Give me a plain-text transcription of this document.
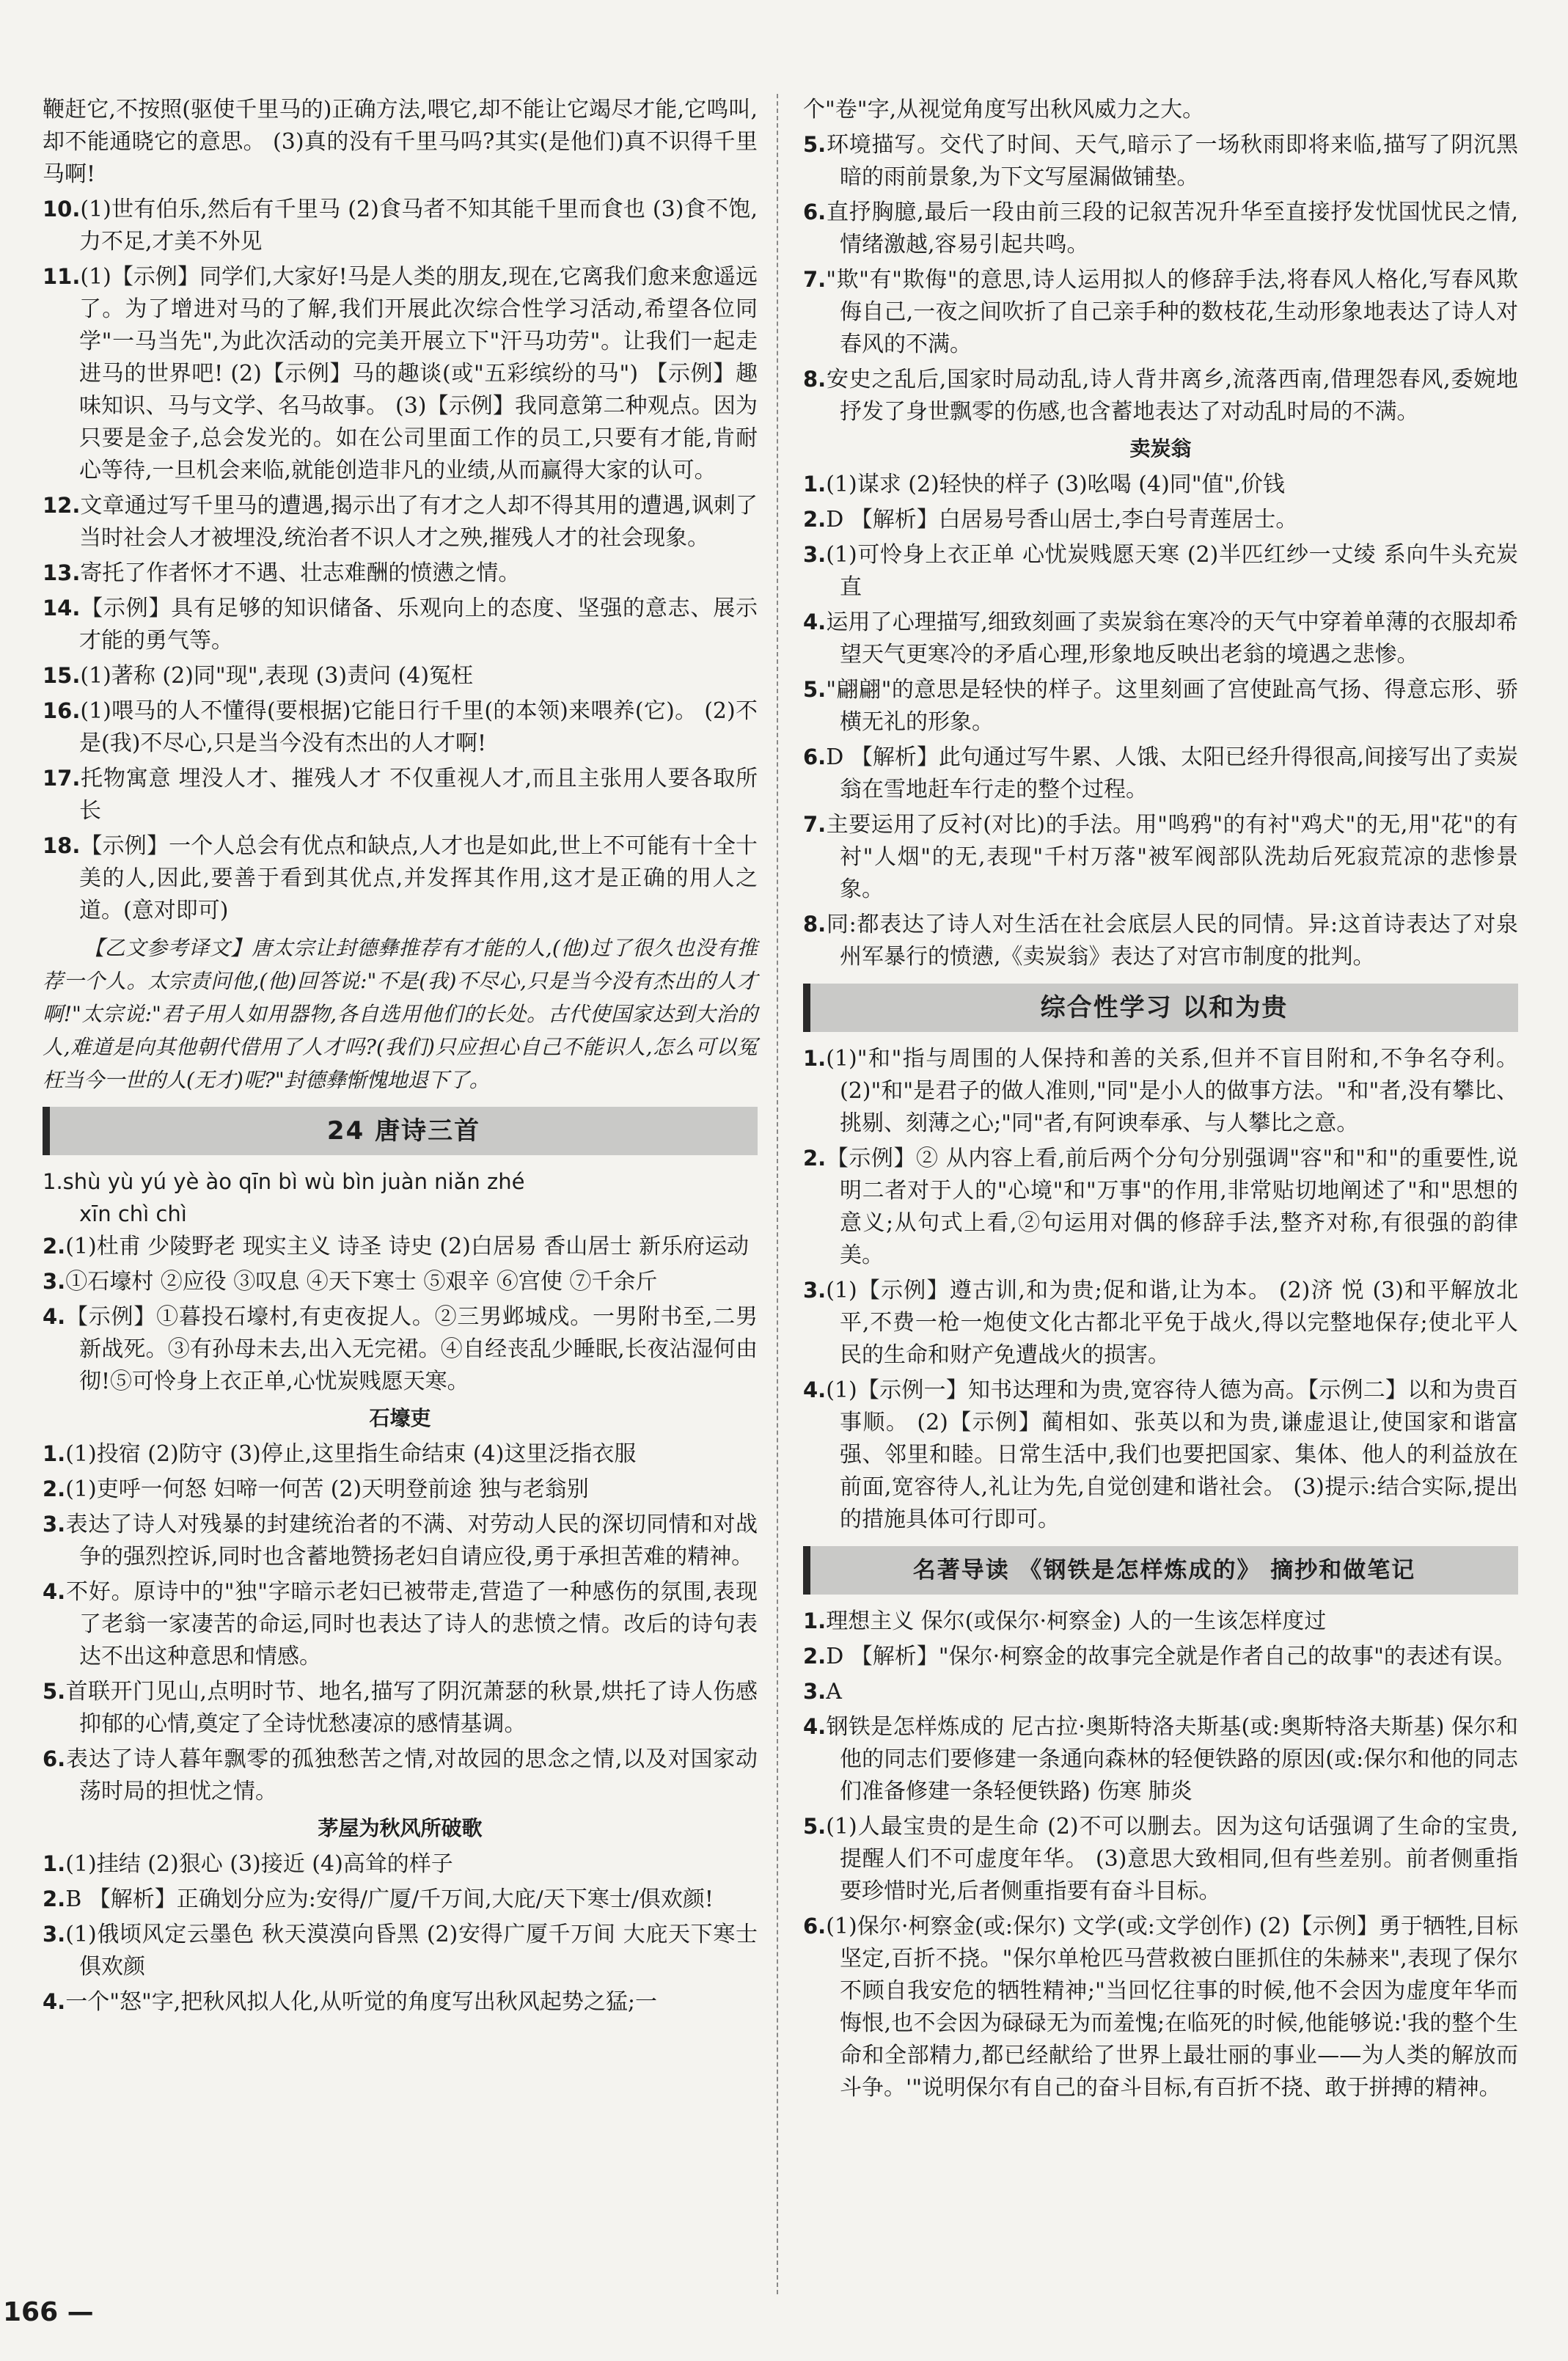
鞭赶它,不按照(驱使千里马的)正确方法,喂它,却不能让它竭尽才能,它鸣叫,却不能通晓它的意思。 (3)真的没有千里马吗?其实(是他们)真不识得千里马啊!
10.(1)世有伯乐,然后有千里马 (2)食马者不知其能千里而食也 (3)食不饱,力不足,才美不外见
11.(1)【示例】同学们,大家好!马是人类的朋友,现在,它离我们愈来愈遥远了。为了增进对马的了解,我们开展此次综合性学习活动,希望各位同学"一马当先",为此次活动的完美开展立下"汗马功劳"。让我们一起走进马的世界吧! (2)【示例】马的趣谈(或"五彩缤纷的马") 【示例】趣味知识、马与文学、名马故事。 (3)【示例】我同意第二种观点。因为只要是金子,总会发光的。如在公司里面工作的员工,只要有才能,肯耐心等待,一旦机会来临,就能创造非凡的业绩,从而赢得大家的认可。
12.文章通过写千里马的遭遇,揭示出了有才之人却不得其用的遭遇,讽刺了当时社会人才被埋没,统治者不识人才之殃,摧残人才的社会现象。
13.寄托了作者怀才不遇、壮志难酬的愤懑之情。
14.【示例】具有足够的知识储备、乐观向上的态度、坚强的意志、展示才能的勇气等。
15.(1)著称 (2)同"现",表现 (3)责问 (4)冤枉
16.(1)喂马的人不懂得(要根据)它能日行千里(的本领)来喂养(它)。 (2)不是(我)不尽心,只是当今没有杰出的人才啊!
17.托物寓意 埋没人才、摧残人才 不仅重视人才,而且主张用人要各取所长
18.【示例】一个人总会有优点和缺点,人才也是如此,世上不可能有十全十美的人,因此,要善于看到其优点,并发挥其作用,这才是正确的用人之道。(意对即可)
【乙文参考译文】唐太宗让封德彝推荐有才能的人,(他)过了很久也没有推荐一个人。太宗责问他,(他)回答说:"不是(我)不尽心,只是当今没有杰出的人才啊!"太宗说:"君子用人如用器物,各自选用他们的长处。古代使国家达到大治的人,难道是向其他朝代借用了人才吗?(我们)只应担心自己不能识人,怎么可以冤枉当今一世的人(无才)呢?"封德彝惭愧地退下了。
24 唐诗三首
1.shù yù yú yè ào qīn bì wù bìn juàn niǎn zhé
xīn chì chì
2.(1)杜甫 少陵野老 现实主义 诗圣 诗史 (2)白居易 香山居士 新乐府运动
3.①石壕村 ②应役 ③叹息 ④天下寒士 ⑤艰辛 ⑥宫使 ⑦千余斤
4.【示例】①暮投石壕村,有吏夜捉人。②三男邺城戍。一男附书至,二男新战死。③有孙母未去,出入无完裙。④自经丧乱少睡眠,长夜沾湿何由彻!⑤可怜身上衣正单,心忧炭贱愿天寒。
石壕吏
1.(1)投宿 (2)防守 (3)停止,这里指生命结束 (4)这里泛指衣服
2.(1)吏呼一何怒 妇啼一何苦 (2)天明登前途 独与老翁别
3.表达了诗人对残暴的封建统治者的不满、对劳动人民的深切同情和对战争的强烈控诉,同时也含蓄地赞扬老妇自请应役,勇于承担苦难的精神。
4.不好。原诗中的"独"字暗示老妇已被带走,营造了一种感伤的氛围,表现了老翁一家凄苦的命运,同时也表达了诗人的悲愤之情。改后的诗句表达不出这种意思和情感。
5.首联开门见山,点明时节、地名,描写了阴沉萧瑟的秋景,烘托了诗人伤感抑郁的心情,奠定了全诗忧愁凄凉的感情基调。
6.表达了诗人暮年飘零的孤独愁苦之情,对故园的思念之情,以及对国家动荡时局的担忧之情。
茅屋为秋风所破歌
1.(1)挂结 (2)狠心 (3)接近 (4)高耸的样子
2.B 【解析】正确划分应为:安得/广厦/千万间,大庇/天下寒士/俱欢颜!
3.(1)俄顷风定云墨色 秋天漠漠向昏黑 (2)安得广厦千万间 大庇天下寒士俱欢颜
4.一个"怒"字,把秋风拟人化,从听觉的角度写出秋风起势之猛;一
个"卷"字,从视觉角度写出秋风威力之大。
5.环境描写。交代了时间、天气,暗示了一场秋雨即将来临,描写了阴沉黑暗的雨前景象,为下文写屋漏做铺垫。
6.直抒胸臆,最后一段由前三段的记叙苦况升华至直接抒发忧国忧民之情,情绪激越,容易引起共鸣。
7."欺"有"欺侮"的意思,诗人运用拟人的修辞手法,将春风人格化,写春风欺侮自己,一夜之间吹折了自己亲手种的数枝花,生动形象地表达了诗人对春风的不满。
8.安史之乱后,国家时局动乱,诗人背井离乡,流落西南,借理怨春风,委婉地抒发了身世飘零的伤感,也含蓄地表达了对动乱时局的不满。
卖炭翁
1.(1)谋求 (2)轻快的样子 (3)吆喝 (4)同"值",价钱
2.D 【解析】白居易号香山居士,李白号青莲居士。
3.(1)可怜身上衣正单 心忧炭贱愿天寒 (2)半匹红纱一丈绫 系向牛头充炭直
4.运用了心理描写,细致刻画了卖炭翁在寒冷的天气中穿着单薄的衣服却希望天气更寒冷的矛盾心理,形象地反映出老翁的境遇之悲惨。
5."翩翩"的意思是轻快的样子。这里刻画了宫使趾高气扬、得意忘形、骄横无礼的形象。
6.D 【解析】此句通过写牛累、人饿、太阳已经升得很高,间接写出了卖炭翁在雪地赶车行走的整个过程。
7.主要运用了反衬(对比)的手法。用"鸣鸦"的有衬"鸡犬"的无,用"花"的有衬"人烟"的无,表现"千村万落"被军阀部队洗劫后死寂荒凉的悲惨景象。
8.同:都表达了诗人对生活在社会底层人民的同情。异:这首诗表达了对泉州军暴行的愤懑,《卖炭翁》表达了对宫市制度的批判。
综合性学习 以和为贵
1.(1)"和"指与周围的人保持和善的关系,但并不盲目附和,不争名夺利。 (2)"和"是君子的做人准则,"同"是小人的做事方法。"和"者,没有攀比、挑剔、刻薄之心;"同"者,有阿谀奉承、与人攀比之意。
2.【示例】② 从内容上看,前后两个分句分别强调"容"和"和"的重要性,说明二者对于人的"心境"和"万事"的作用,非常贴切地阐述了"和"思想的意义;从句式上看,②句运用对偶的修辞手法,整齐对称,有很强的韵律美。
3.(1)【示例】遵古训,和为贵;促和谐,让为本。 (2)济 悦 (3)和平解放北平,不费一枪一炮使文化古都北平免于战火,得以完整地保存;使北平人民的生命和财产免遭战火的损害。
4.(1)【示例一】知书达理和为贵,宽容待人德为高。【示例二】以和为贵百事顺。 (2)【示例】蔺相如、张英以和为贵,谦虚退让,使国家和谐富强、邻里和睦。日常生活中,我们也要把国家、集体、他人的利益放在前面,宽容待人,礼让为先,自觉创建和谐社会。 (3)提示:结合实际,提出的措施具体可行即可。
名著导读 《钢铁是怎样炼成的》 摘抄和做笔记
1.理想主义 保尔(或保尔·柯察金) 人的一生该怎样度过
2.D 【解析】"保尔·柯察金的故事完全就是作者自己的故事"的表述有误。
3.A
4.钢铁是怎样炼成的 尼古拉·奥斯特洛夫斯基(或:奥斯特洛夫斯基) 保尔和他的同志们要修建一条通向森林的轻便铁路的原因(或:保尔和他的同志们准备修建一条轻便铁路) 伤寒 肺炎
5.(1)人最宝贵的是生命 (2)不可以删去。因为这句话强调了生命的宝贵,提醒人们不可虚度年华。 (3)意思大致相同,但有些差别。前者侧重指要珍惜时光,后者侧重指要有奋斗目标。
6.(1)保尔·柯察金(或:保尔) 文学(或:文学创作) (2)【示例】勇于牺牲,目标坚定,百折不挠。"保尔单枪匹马营救被白匪抓住的朱赫来",表现了保尔不顾自我安危的牺牲精神;"当回忆往事的时候,他不会因为虚度年华而悔恨,也不会因为碌碌无为而羞愧;在临死的时候,他能够说:'我的整个生命和全部精力,都已经献给了世界上最壮丽的事业——为人类的解放而斗争。'"说明保尔有自己的奋斗目标,有百折不挠、敢于拼搏的精神。
166 —
